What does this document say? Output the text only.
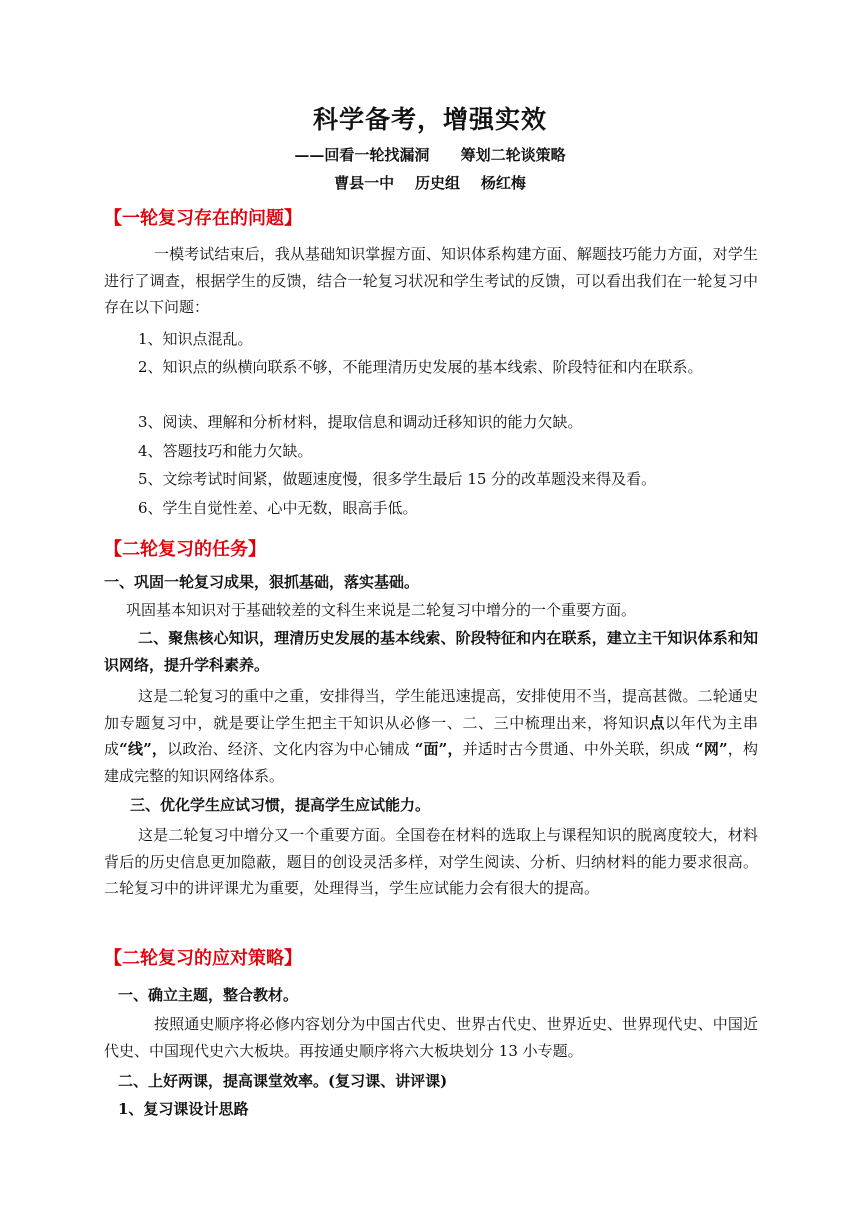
科学备考，增强实效
——回看一轮找漏洞      筹划二轮谈策略
曹县一中    历史组    杨红梅
【一轮复习存在的问题】
一模考试结束后，我从基础知识掌握方面、知识体系构建方面、解题技巧能力方面，对学生进行了调查，根据学生的反馈，结合一轮复习状况和学生考试的反馈，可以看出我们在一轮复习中存在以下问题：
1、知识点混乱。
2、知识点的纵横向联系不够，不能理清历史发展的基本线索、阶段特征和内在联系。
3、阅读、理解和分析材料，提取信息和调动迁移知识的能力欠缺。
4、答题技巧和能力欠缺。
5、文综考试时间紧，做题速度慢，很多学生最后 15 分的改革题没来得及看。
6、学生自觉性差、心中无数，眼高手低。
【二轮复习的任务】
一、巩固一轮复习成果，狠抓基础，落实基础。
巩固基本知识对于基础较差的文科生来说是二轮复习中增分的一个重要方面。
二、聚焦核心知识，理清历史发展的基本线索、阶段特征和内在联系，建立主干知识体系和知识网络，提升学科素养。
这是二轮复习的重中之重，安排得当，学生能迅速提高，安排使用不当，提高甚微。二轮通史加专题复习中，就是要让学生把主干知识从必修一、二、三中梳理出来，将知识点以年代为主串成“线”，以政治、经济、文化内容为中心铺成 “面”，并适时古今贯通、中外关联，织成 “网”，构建成完整的知识网络体系。
三、优化学生应试习惯，提高学生应试能力。
这是二轮复习中增分又一个重要方面。全国卷在材料的选取上与课程知识的脱离度较大，材料背后的历史信息更加隐蔽，题目的创设灵活多样，对学生阅读、分析、归纳材料的能力要求很高。二轮复习中的讲评课尤为重要，处理得当，学生应试能力会有很大的提高。
【二轮复习的应对策略】
一、确立主题，整合教材。
按照通史顺序将必修内容划分为中国古代史、世界古代史、世界近史、世界现代史、中国近代史、中国现代史六大板块。再按通史顺序将六大板块划分 13 小专题。
二、上好两课，提高课堂效率。(复习课、讲评课)
1、复习课设计思路
